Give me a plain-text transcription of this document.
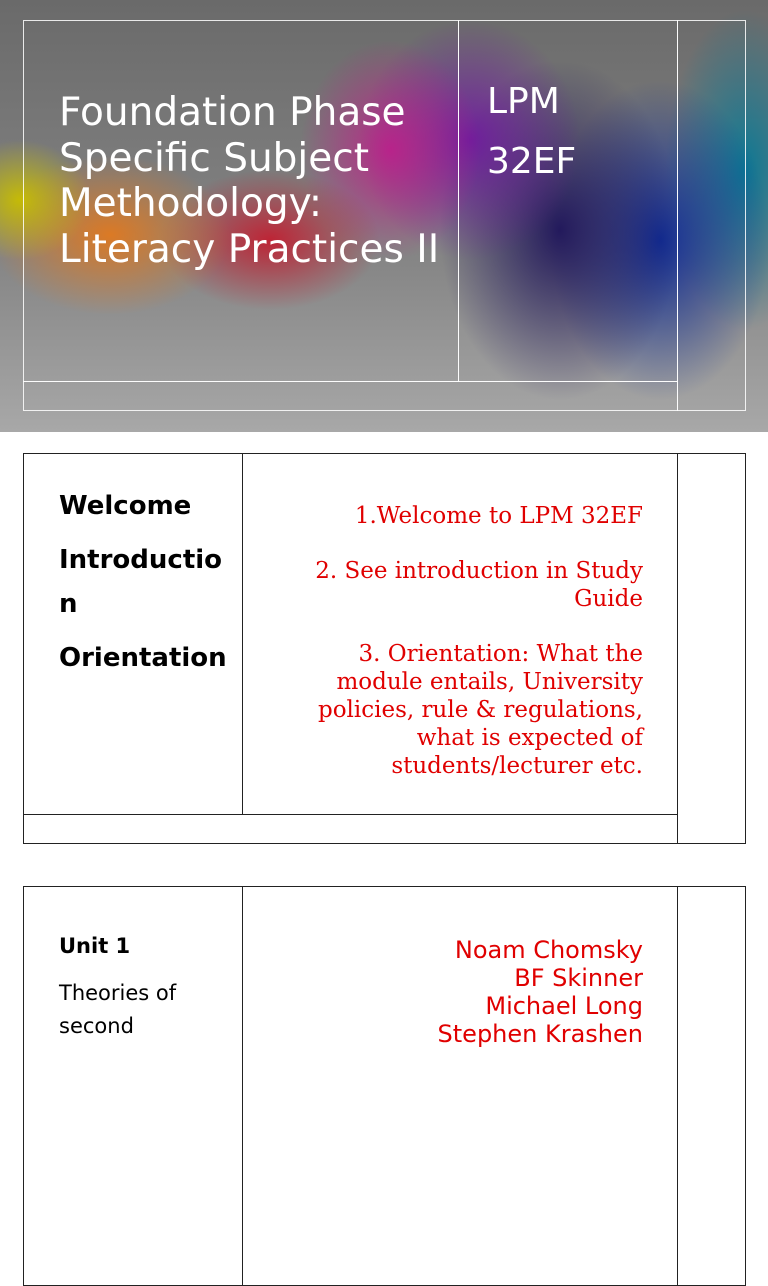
Foundation Phase Specific Subject Methodology: Literacy Practices II
LPM
32EF
Welcome
Introduction
Orientation

1.Welcome to LPM 32EF

2. See introduction in Study Guide

3. Orientation: What the module entails, University policies, rule & regulations, what is expected of students/lecturer etc.

Unit 1
Theories of second
Noam Chomsky
BF Skinner
Michael Long
Stephen Krashen
